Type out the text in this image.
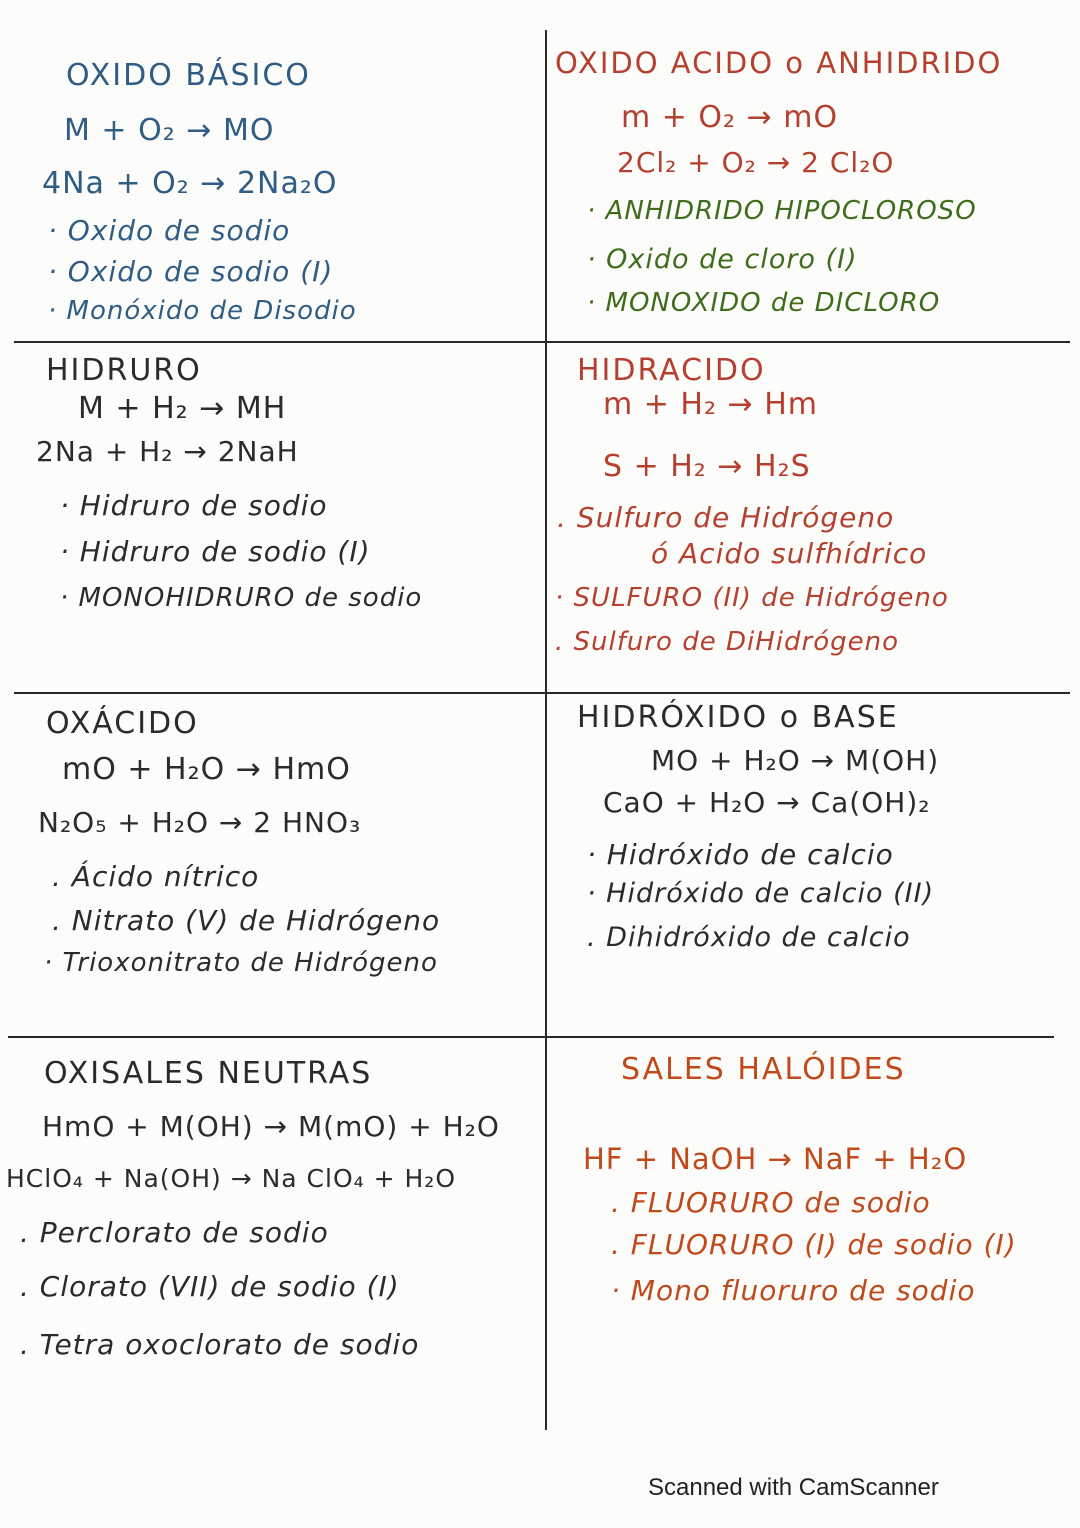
OXIDO BÁSICO
M + O₂ → MO
4Na + O₂ → 2Na₂O
· Oxido de sodio
· Oxido de sodio (I)
· Monóxido de Disodio
OXIDO ACIDO o ANHIDRIDO
m + O₂ → mO
2Cl₂ + O₂ → 2 Cl₂O
· ANHIDRIDO HIPOCLOROSO
· Oxido de cloro (I)
· MONOXIDO de DICLORO
HIDRURO
M + H₂ → MH
2Na + H₂ → 2NaH
· Hidruro de sodio
· Hidruro de sodio (I)
· MONOHIDRURO de sodio
HIDRACIDO
m + H₂ → Hm
S + H₂ → H₂S
. Sulfuro de Hidrógeno
ó Acido sulfhídrico
· SULFURO (II) de Hidrógeno
. Sulfuro de DiHidrógeno
OXÁCIDO
mO + H₂O → HmO
N₂O₅ + H₂O → 2 HNO₃
. Ácido nítrico
. Nitrato (V) de Hidrógeno
· Trioxonitrato de Hidrógeno
HIDRÓXIDO o BASE
MO + H₂O → M(OH)
CaO + H₂O → Ca(OH)₂
· Hidróxido de calcio
· Hidróxido de calcio (II)
. Dihidróxido de calcio
OXISALES NEUTRAS
HmO + M(OH) → M(mO) + H₂O
HClO₄ + Na(OH) → Na ClO₄ + H₂O
. Perclorato de sodio
. Clorato (VII) de sodio (I)
. Tetra oxoclorato de sodio
SALES HALÓIDES
HF + NaOH → NaF + H₂O
. FLUORURO de sodio
. FLUORURO (I) de sodio (I)
· Mono fluoruro de sodio
Scanned with CamScanner
